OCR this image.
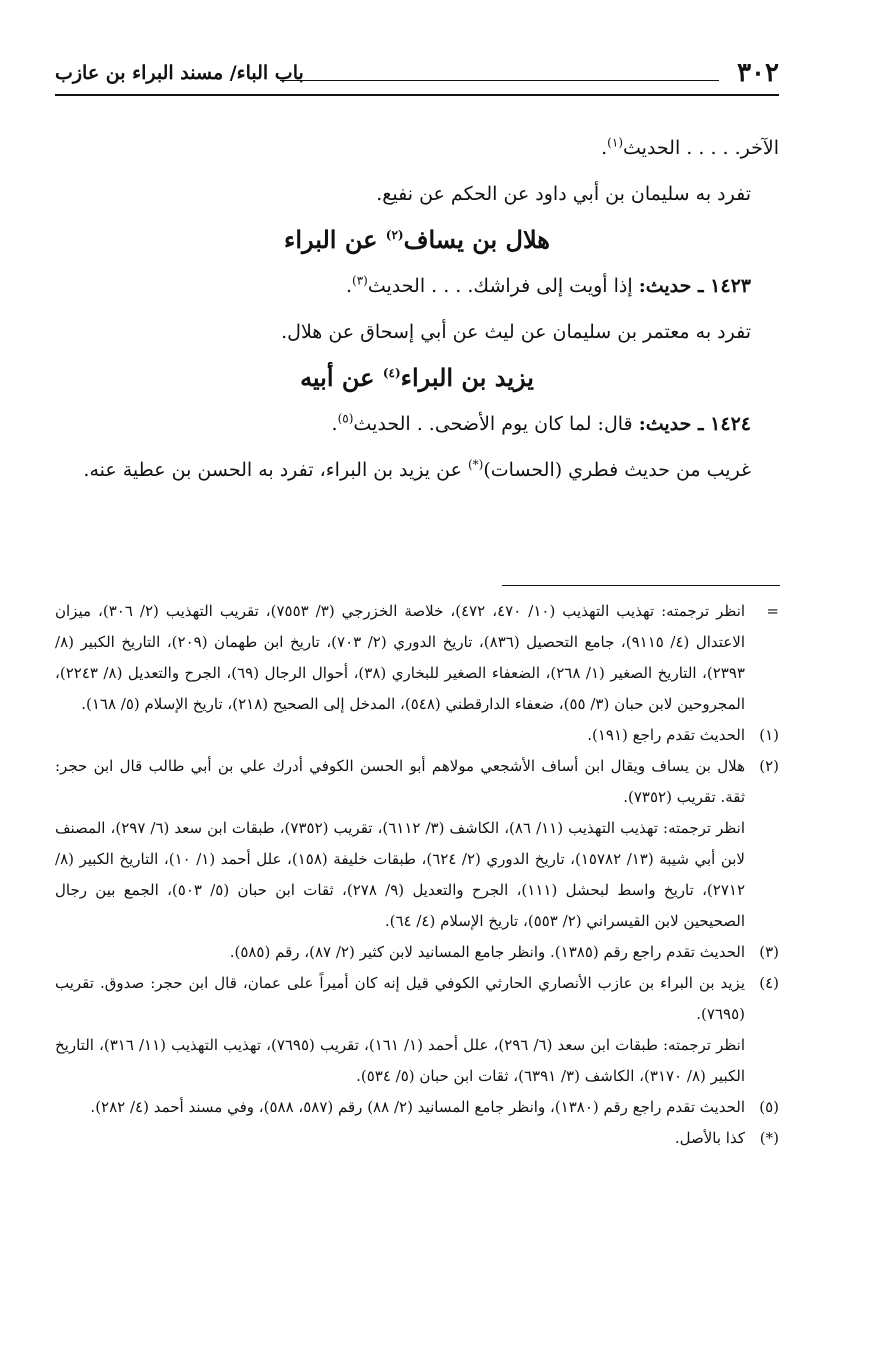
٣٠٢
باب الباء/ مسند البراء بن عازب
الآخر. . . . . الحديث$^{(١)}$.
تفرد به سليمان بن أبي داود عن الحكم عن نفيع.
هلال بن يساف$^{(٢)}$ عن البراء
١٤٢٣ ـ حديث: إذا أويت إلى فراشك. . . . الحديث$^{(٣)}$.
تفرد به معتمر بن سليمان عن ليث عن أبي إسحاق عن هلال.
يزيد بن البراء$^{(٤)}$ عن أبيه
١٤٢٤ ـ حديث: قال: لما كان يوم الأضحى. . الحديث$^{(٥)}$.
غريب من حديث فطري (الحسات)(*) عن يزيد بن البراء، تفرد به الحسن بن عطية عنه.
=
انظر ترجمته: تهذيب التهذيب (١٠/ ٤٧٠، ٤٧٢)، خلاصة الخزرجي (٣/ ٧٥٥٣)، تقريب التهذيب (٢/ ٣٠٦)، ميزان الاعتدال (٤/ ٩١١٥)، جامع التحصيل (٨٣٦)، تاريخ الدوري (٢/ ٧٠٣)، تاريخ ابن طهمان (٢٠٩)، التاريخ الكبير (٨/ ٢٣٩٣)، التاريخ الصغير (١/ ٢٦٨)، الضعفاء الصغير للبخاري (٣٨)، أحوال الرجال (٦٩)، الجرح والتعديل (٨/ ٢٢٤٣)، المجروحين لابن حبان (٣/ ٥٥)، ضعفاء الدارقطني (٥٤٨)، المدخل إلى الصحيح (٢١٨)، تاريخ الإسلام (٥/ ١٦٨).
(١)
الحديث تقدم راجع (١٩١).
(٢)
هلال بن يساف ويقال ابن أساف الأشجعي مولاهم أبو الحسن الكوفي أدرك علي بن أبي طالب قال ابن حجر: ثقة. تقريب (٧٣٥٢).
انظر ترجمته: تهذيب التهذيب (١١/ ٨٦)، الكاشف (٣/ ٦١١٢)، تقريب (٧٣٥٢)، طبقات ابن سعد (٦/ ٢٩٧)، المصنف لابن أبي شيبة (١٣/ ١٥٧٨٢)، تاريخ الدوري (٢/ ٦٢٤)، طبقات خليفة (١٥٨)، علل أحمد (١/ ١٠)، التاريخ الكبير (٨/ ٢٧١٢)، تاريخ واسط لبحشل (١١١)، الجرح والتعديل (٩/ ٢٧٨)، ثقات ابن حبان (٥/ ٥٠٣)، الجمع بين رجال الصحيحين لابن القيسراني (٢/ ٥٥٣)، تاريخ الإسلام (٤/ ٦٤).
(٣)
الحديث تقدم راجع رقم (١٣٨٥). وانظر جامع المسانيد لابن كثير (٢/ ٨٧)، رقم (٥٨٥).
(٤)
يزيد بن البراء بن عازب الأنصاري الحارثي الكوفي قيل إنه كان أميراً على عمان، قال ابن حجر: صدوق. تقريب (٧٦٩٥).
انظر ترجمته: طبقات ابن سعد (٦/ ٢٩٦)، علل أحمد (١/ ١٦١)، تقريب (٧٦٩٥)، تهذيب التهذيب (١١/ ٣١٦)، التاريخ الكبير (٨/ ٣١٧٠)، الكاشف (٣/ ٦٣٩١)، ثقات ابن حبان (٥/ ٥٣٤).
(٥)
الحديث تقدم راجع رقم (١٣٨٠)، وانظر جامع المسانيد (٢/ ٨٨) رقم (٥٨٧، ٥٨٨)، وفي مسند أحمد (٤/ ٢٨٢).
(*)
كذا بالأصل.
